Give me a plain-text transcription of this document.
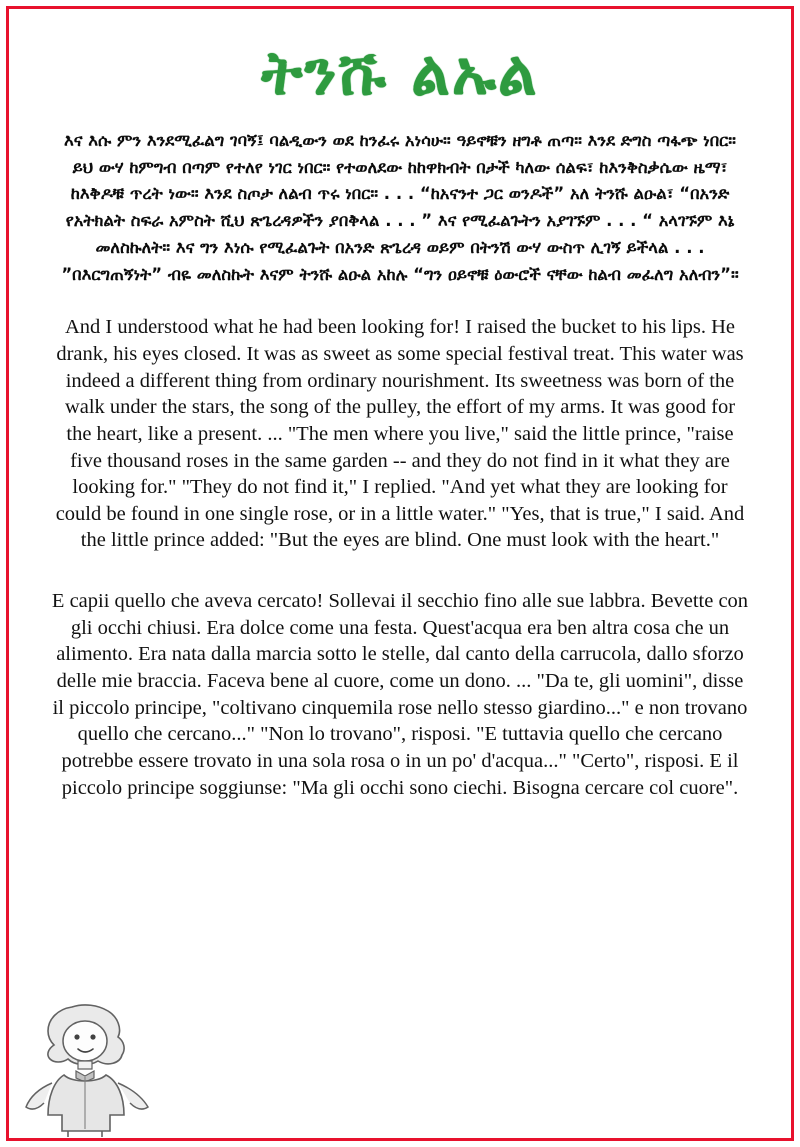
ትንሹ ልኡል

እና እሱ ምን እንደሚፈልግ ገባኝ፤ ባልዲውን ወደ ከንፈሩ አነሳሁ። ዓይኖቹን ዘግቶ ጠጣ። እንደ ድግስ ጣፋጭ ነበር። ይህ ውሃ ከምግብ በጣም የተለየ ነገር ነበር። የተወለደው ከከዋክብት በታች ካለው ሰልፍ፣ ከእንቅስቃሴው ዜማ፣ ከእቅዶቹ ጥረት ነው። እንደ ስጦታ ለልብ ጥሩ ነበር። . . . “ከአናንተ ጋር ወንዶች” አለ ትንሹ ልዑል፣ “በአንድ የአትክልት ስፍራ አምስት ሺህ ጽጌረዳዎችን ያበቅላል . . . ” እና የሚፈልጉትን አያገኙም . . . “ አላገኙም እኔ መለስኩለት። እና ግን እነሱ የሚፈልጉት በአንድ ጽጌረዳ ወይም በትንሽ ውሃ ውስጥ ሊገኝ ይችላል . . . ”በእርግጠኝነት” ብዬ መለስኩት እናም ትንሹ ልዑል አከሉ “ግን ዐይኖቹ ዕውሮች ናቸው ከልብ መፈለግ አለብን”።

And I understood what he had been looking for! I raised the bucket to his lips. He drank, his eyes closed. It was as sweet as some special festival treat. This water was indeed a different thing from ordinary nourishment. Its sweetness was born of the walk under the stars, the song of the pulley, the effort of my arms. It was good for the heart, like a present. ... "The men where you live," said the little prince, "raise five thousand roses in the same garden -- and they do not find in it what they are looking for." "They do not find it," I replied. "And yet what they are looking for could be found in one single rose, or in a little water." "Yes, that is true," I said. And the little prince added: "But the eyes are blind. One must look with the heart."

E capii quello che aveva cercato! Sollevai il secchio fino alle sue labbra. Bevette con gli occhi chiusi. Era dolce come una festa. Quest'acqua era ben altra cosa che un alimento. Era nata dalla marcia sotto le stelle, dal canto della carrucola, dallo sforzo delle mie braccia. Faceva bene al cuore, come un dono. ... "Da te, gli uomini", disse il piccolo principe, "coltivano cinquemila rose nello stesso giardino..." e non trovano quello che cercano..." "Non lo trovano", risposi. "E tuttavia quello che cercano potrebbe essere trovato in una sola rosa o in un po' d'acqua..." "Certo", risposi. E il piccolo principe soggiunse: "Ma gli occhi sono ciechi. Bisogna cercare col cuore".
